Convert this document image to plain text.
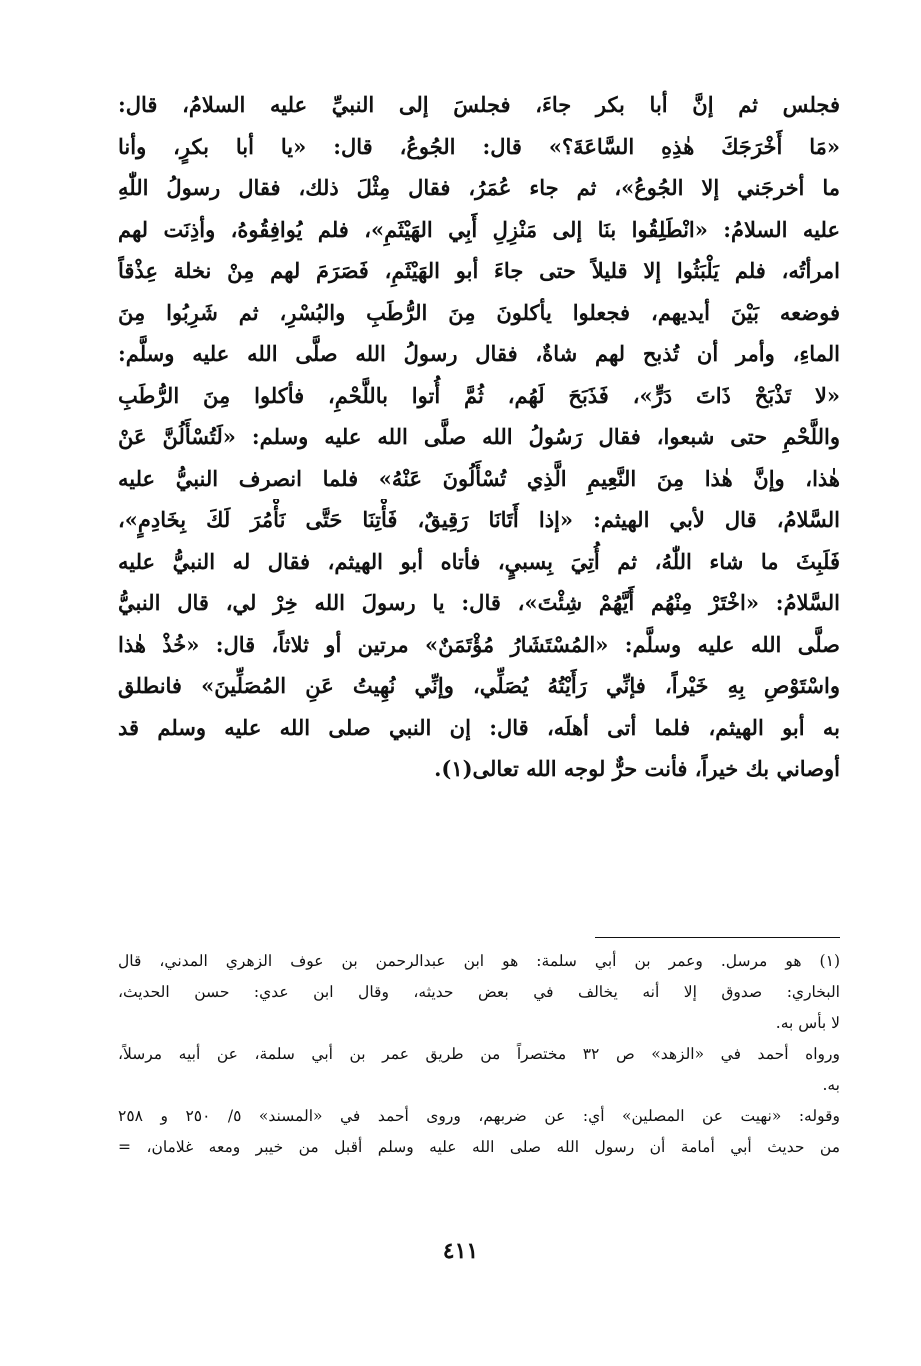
فجلس ثم إنَّ أبا بكر جاءَ، فجلسَ إلى النبيِّ عليه السلامُ، قال:
«مَا أَخْرَجَكَ هٰذِهِ السَّاعَةَ؟» قال: الجُوعُ، قال: «يا أبا بكرٍ، وأنا
ما أخرجَني إلا الجُوعُ»، ثم جاء عُمَرُ، فقال مِثْلَ ذلك، فقال رسولُ اللّٰهِ
عليه السلامُ: «انْطَلِقُوا بنَا إلى مَنْزِلِ أَبِي الهَيْثَمِ»، فلم يُوافِقُوهُ، وأذِنَت لهم
امرأتُه، فلم يَلْبَثُوا إلا قليلاً حتى جاءَ أبو الهَيْثَمِ، فَصَرَمَ لهم مِنْ نخلة عِذْقاً
فوضعه بَيْنَ أيديهم، فجعلوا يأكلونَ مِنَ الرُّطَبِ والبُسْرِ، ثم شَرِبُوا مِنَ
الماءِ، وأمر أن تُذبح لهم شاةٌ، فقال رسولُ الله صلَّى الله عليه وسلَّم:
«لا تَذْبَحْ ذَاتَ دَرٍّ»، فَذَبَحَ لَهُم، ثُمَّ أُتوا باللَّحْمِ، فأكلوا مِنَ الرُّطَبِ
واللَّحْمِ حتى شبعوا، فقال رَسُولُ الله صلَّى الله عليه وسلم: «لَتُسْأَلُنَّ عَنْ
هٰذا، وإنَّ هٰذا مِنَ النَّعِيمِ الَّذِي تُسْأَلُونَ عَنْهُ» فلما انصرف النبيُّ عليه
السَّلامُ، قال لأبي الهيثم: «إذا أَتَانَا رَقِيقٌ، فَأْتِنَا حَتَّى نَأْمُرَ لَكَ بِخَادِمٍ»،
فَلَبِثَ ما شاء اللّٰهُ، ثم أُتِيَ بِسبيٍ، فأتاه أبو الهيثم، فقال له النبيُّ عليه
السَّلامُ: «اخْتَرْ مِنْهُم أَيَّهُمْ شِئْتَ»، قال: يا رسولَ الله خِرْ لي، قال النبيُّ
صلَّى الله عليه وسلَّم: «المُسْتَشَارُ مُؤْتَمَنٌ» مرتين أو ثلاثاً، قال: «خُذْ هٰذا
واسْتَوْصِ بِهِ خَيْراً، فإنِّي رَأَيْتُهُ يُصَلِّي، وإنِّي نُهِيتُ عَنِ المُصَلِّينَ» فانطلق
به أبو الهيثم، فلما أتى أهلَه، قال: إن النبي صلى الله عليه وسلم قد
أوصاني بك خيراً، فأنت حرٌّ لوجه الله تعالى(١).
(١) هو مرسل. وعمر بن أبي سلمة: هو ابن عبدالرحمن بن عوف الزهري المدني، قال
البخاري: صدوق إلا أنه يخالف في بعض حديثه، وقال ابن عدي: حسن الحديث،
لا بأس به.
ورواه أحمد في «الزهد» ص ٣٢ مختصراً من طريق عمر بن أبي سلمة، عن أبيه مرسلاً،
به.
وقوله: «نهيت عن المصلين» أي: عن ضربهم، وروى أحمد في «المسند» ٥/ ٢٥٠ و ٢٥٨
من حديث أبي أمامة أن رسول الله صلى الله عليه وسلم أقبل من خيبر ومعه غلامان، =
٤١١
